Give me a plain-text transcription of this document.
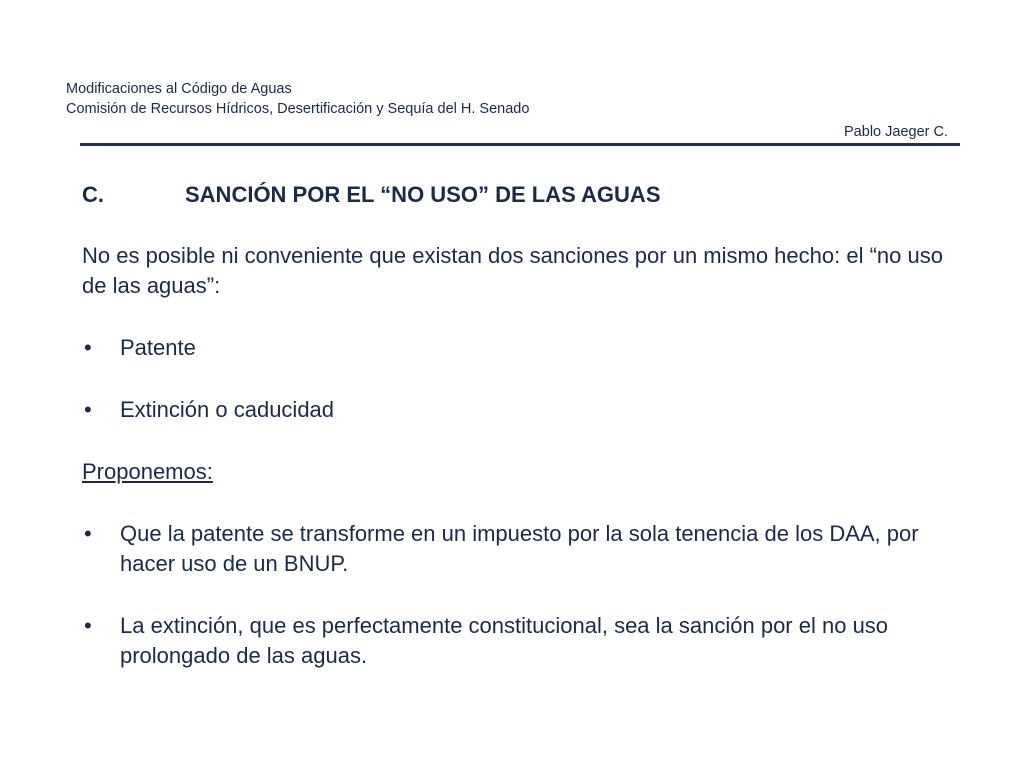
Modificaciones al Código de Aguas
Comisión de Recursos Hídricos, Desertificación y Sequía del H. Senado
Pablo Jaeger C.
C.	SANCIÓN POR EL “NO USO” DE LAS AGUAS

No es posible ni conveniente que existan dos sanciones por un mismo hecho: el “no uso de las aguas”:

•	Patente
•	Extinción o caducidad

Proponemos:

•	Que la patente se transforme en un impuesto por la sola tenencia de los DAA, por hacer uso de un BNUP.
•	La extinción, que es perfectamente constitucional, sea la sanción por el no uso prolongado de las aguas.
